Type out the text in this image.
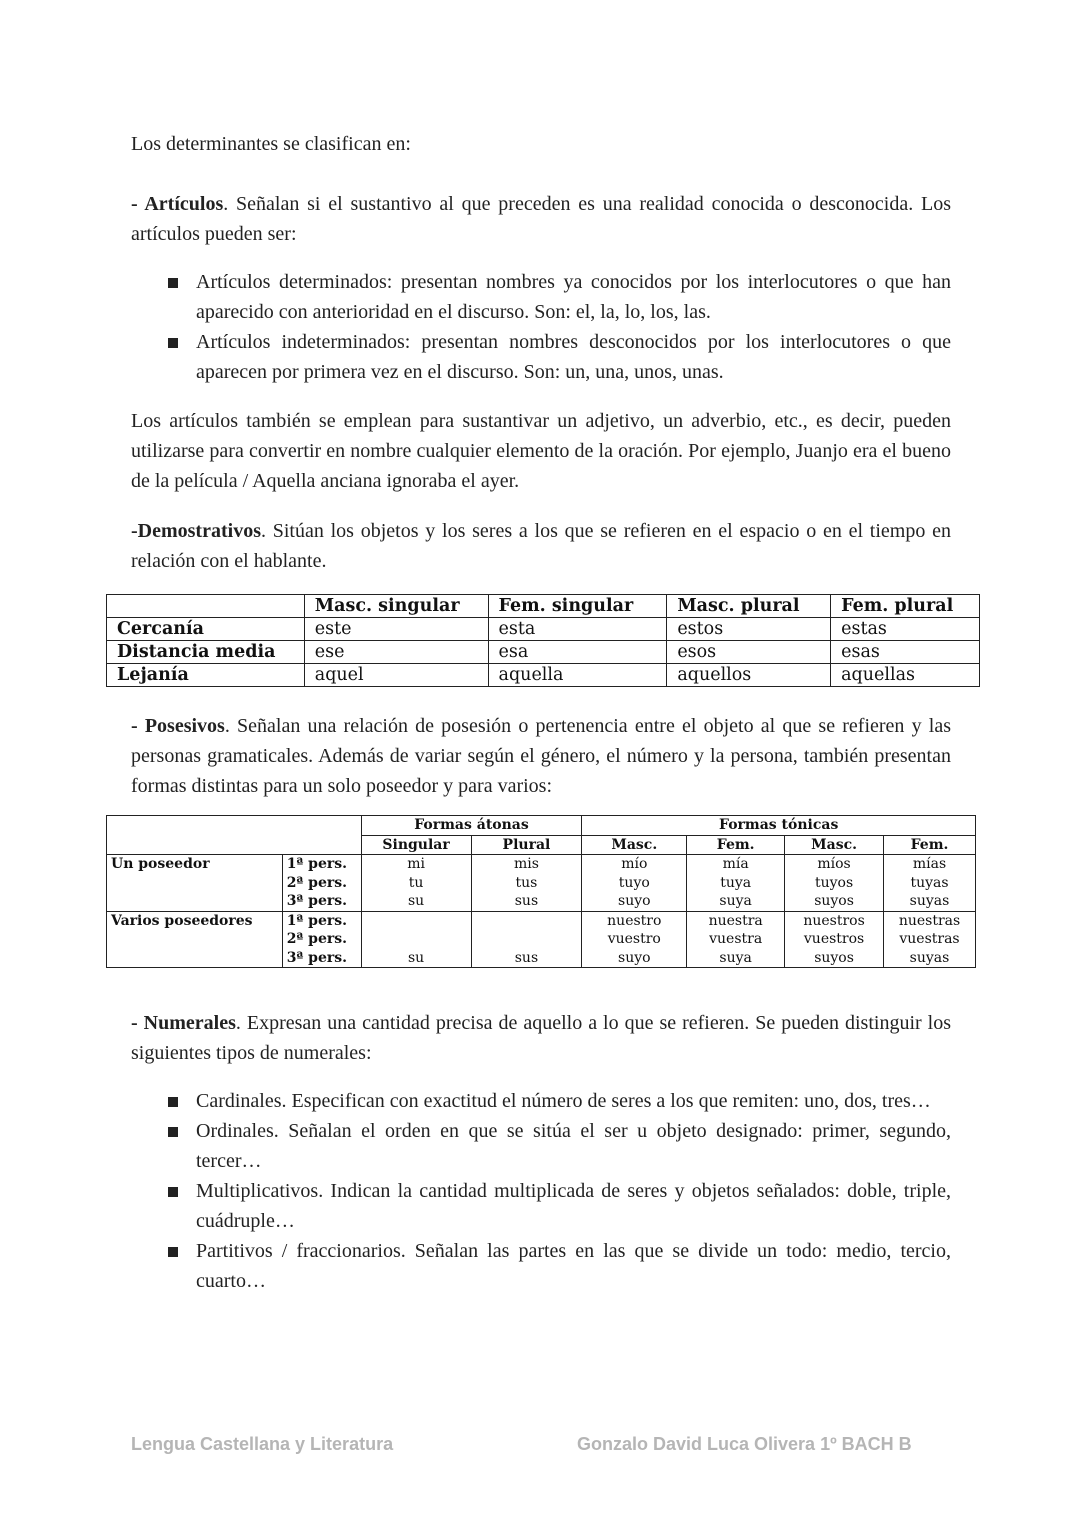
Los determinantes se clasifican en:

- Artículos. Señalan si el sustantivo al que preceden es una realidad conocida o desconocida. Los artículos pueden ser:

Artículos determinados: presentan nombres ya conocidos por los interlocutores o que han aparecido con anterioridad en el discurso. Son: el, la, lo, los, las.
Artículos indeterminados: presentan nombres desconocidos por los interlocutores o que aparecen por primera vez en el discurso. Son: un, una, unos, unas.

Los artículos también se emplean para sustantivar un adjetivo, un adverbio, etc., es decir, pueden utilizarse para convertir en nombre cualquier elemento de la oración. Por ejemplo, Juanjo era el bueno de la película / Aquella anciana ignoraba el ayer.

-Demostrativos. Sitúan los objetos y los seres a los que se refieren en el espacio o en el tiempo en relación con el hablante.

	Masc. singular	Fem. singular	Masc. plural	Fem. plural
Cercanía	este	esta	estos	estas
Distancia media	ese	esa	esos	esas
Lejanía	aquel	aquella	aquellos	aquellas

- Posesivos. Señalan una relación de posesión o pertenencia entre el objeto al que se refieren y las personas gramaticales. Además de variar según el género, el número y la persona, también presentan formas distintas para un solo poseedor y para varios:

		Formas átonas		Formas tónicas			
		Singular	Plural	Masc.	Fem.	Masc.	Fem.
Un poseedor	1ª pers.	mi	mis	mío	mía	míos	mías
	2ª pers.	tu	tus	tuyo	tuya	tuyos	tuyas
	3ª pers.	su	sus	suyo	suya	suyos	suyas
Varios poseedores	1ª pers.			nuestro	nuestra	nuestros	nuestras
	2ª pers.			vuestro	vuestra	vuestros	vuestras
	3ª pers.	su	sus	suyo	suya	suyos	suyas

- Numerales. Expresan una cantidad precisa de aquello a lo que se refieren. Se pueden distinguir los siguientes tipos de numerales:

Cardinales. Especifican con exactitud el número de seres a los que remiten: uno, dos, tres…
Ordinales. Señalan el orden en que se sitúa el ser u objeto designado: primer, segundo, tercer…
Multiplicativos. Indican la cantidad multiplicada de seres y objetos señalados: doble, triple, cuádruple…
Partitivos / fraccionarios. Señalan las partes en las que se divide un todo: medio, tercio, cuarto…
Lengua Castellana y Literatura	Gonzalo David Luca Olivera 1º BACH B
